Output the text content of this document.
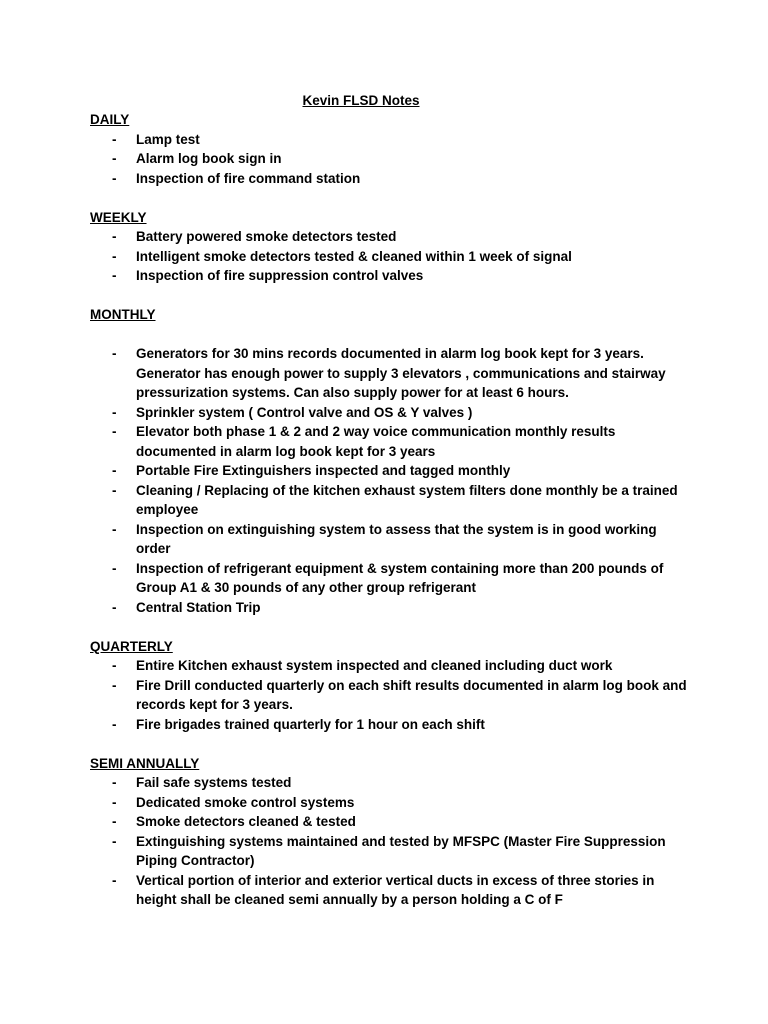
Kevin FLSD Notes
DAILY
- Lamp test
- Alarm log book sign in
- Inspection of fire command station
WEEKLY
- Battery powered smoke detectors tested
- Intelligent smoke detectors tested & cleaned within 1 week of signal
- Inspection of fire suppression control valves
MONTHLY
- Generators for 30 mins records documented in alarm log book kept for 3 years. Generator has enough power to supply 3 elevators , communications and stairway pressurization systems. Can also supply power for at least 6 hours.
- Sprinkler system ( Control valve and OS & Y valves )
- Elevator both phase 1 & 2 and 2 way voice communication monthly results documented in alarm log book kept for 3 years
- Portable Fire Extinguishers inspected and tagged monthly
- Cleaning / Replacing of the kitchen exhaust system filters done monthly be a trained employee
- Inspection on extinguishing system to assess that the system is in good working order
- Inspection of refrigerant equipment & system containing more than 200 pounds of Group A1 & 30 pounds of any other group refrigerant
- Central Station Trip
QUARTERLY
- Entire Kitchen exhaust system inspected and cleaned including duct work
- Fire Drill conducted quarterly on each shift results documented in alarm log book and records kept for 3 years.
- Fire brigades trained quarterly for 1 hour on each shift
SEMI ANNUALLY
- Fail safe systems tested
- Dedicated smoke control systems
- Smoke detectors cleaned & tested
- Extinguishing systems maintained and tested by MFSPC (Master Fire Suppression Piping Contractor)
- Vertical portion of interior and exterior vertical ducts in excess of three stories in height shall be cleaned semi annually by a person holding a C of F
